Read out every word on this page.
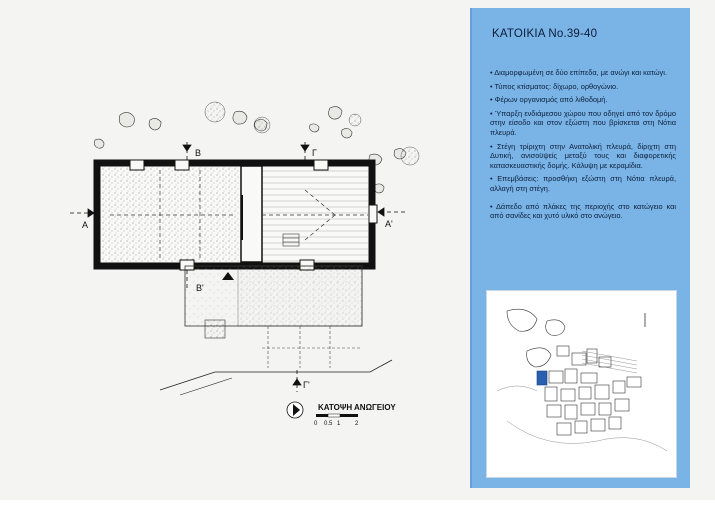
A	A'
B
B'
Γ
Γ'
ΚΑΤΟΨΗ ΑΝΩΓΕΙΟΥ
0 0.5 1 2
ΚΑΤΟΙΚΙΑ Νο.39-40

• Διαμορφωμένη σε δύο επίπεδα, με ανώγι και κατώγι.

• Τύπος κτίσματος: δίχωρο, ορθογώνιο.

• Φέρων οργανισμός από λιθοδομή.

• Ύπαρξη ενδιάμεσου χώρου που οδηγεί από τον δρόμο στην είσοδο και στον εξώστη που βρίσκεται στη Νότια πλευρά.

• Στέγη τρίριχτη στην Ανατολική πλευρά, δίριχτη στη Δυτική, ανισοϋψείς μεταξύ τους και διαφορετικής κατασκευαστικής δομής. Κάλυψη με κεραμίδια.

• Επεμβάσεις: προσθήκη εξώστη στη Νότια πλευρά, αλλαγή στη στέγη.

• Δάπεδο από πλάκες της περιοχής στο κατώγειο και από σανίδες και χυτό υλικό στο ανώγειο.
